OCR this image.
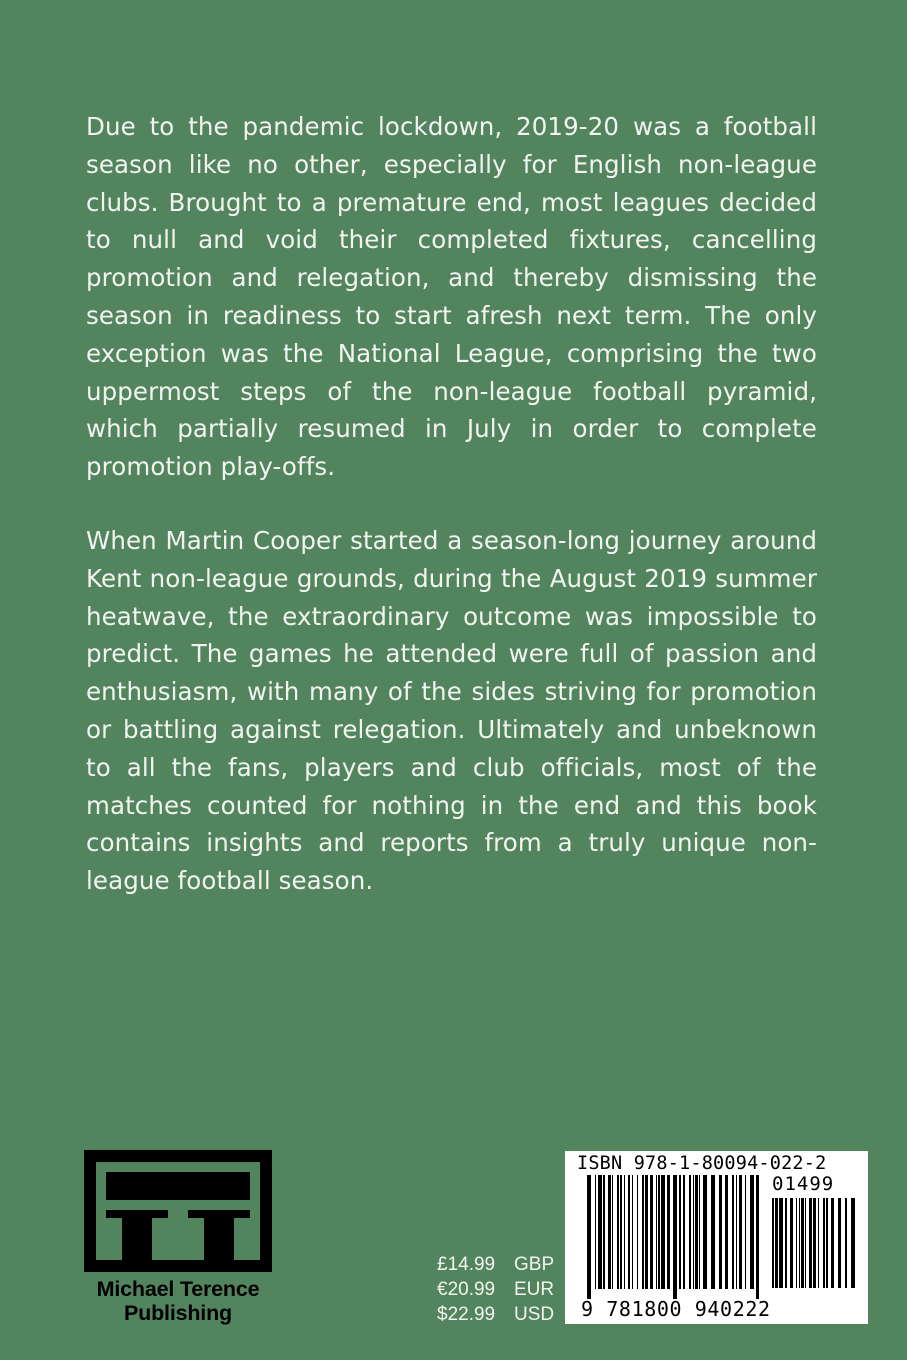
Due to the pandemic lockdown, 2019-20 was a football season like no other, especially for English non-league clubs. Brought to a premature end, most leagues decided to null and void their completed fixtures, cancelling promotion and relegation, and thereby dismissing the season in readiness to start afresh next term. The only exception was the National League, comprising the two uppermost steps of the non-league football pyramid, which partially resumed in July in order to complete promotion play-offs.

When Martin Cooper started a season-long journey around Kent non-league grounds, during the August 2019 summer heatwave, the extraordinary outcome was impossible to predict. The games he attended were full of passion and enthusiasm, with many of the sides striving for promotion or battling against relegation. Ultimately and unbeknown to all the fans, players and club officials, most of the matches counted for nothing in the end and this book contains insights and reports from a truly unique non-league football season.

Michael Terence
Publishing
£14.99 GBP
€20.99 EUR
$22.99 USD
ISBN 978-1-80094-022-2
01499
9 781800 940222
